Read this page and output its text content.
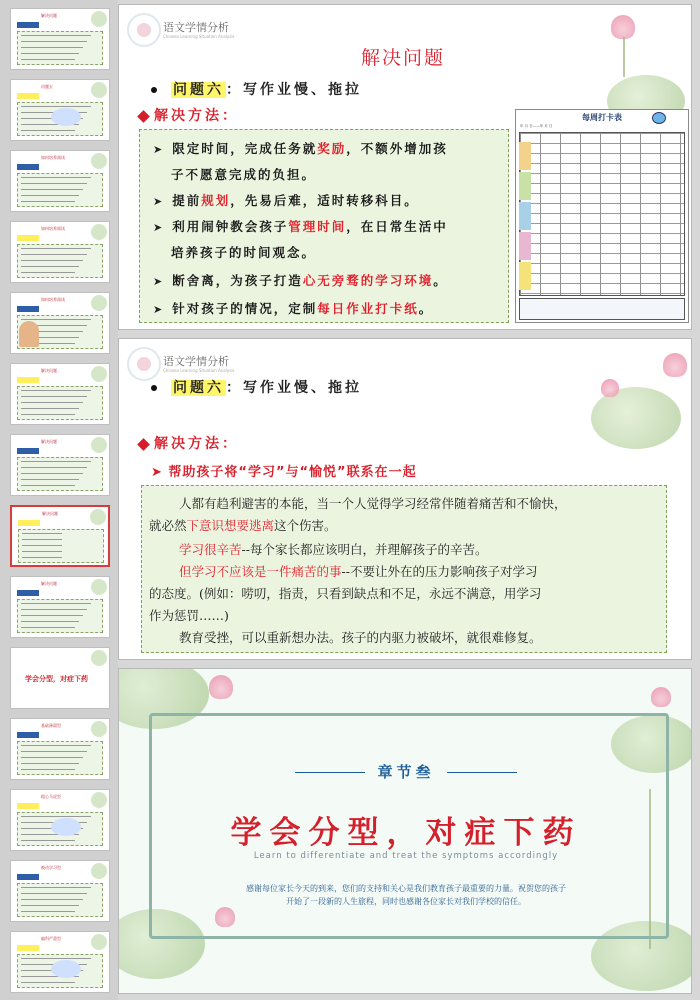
解决问题
问题五
如何培养阅读
如何培养阅读
如何培养阅读
解决问题
解决问题
解决问题
解决问题
学会分型，对症下药
基础薄弱型
粗心马虎型
被动学习型
偏科严重型
语文学情分析
Chinese Learning Situation Analysis
解决问题
问题六 ：写作业慢、拖拉
解决方法：	每周打卡表
年 月 日——年 月 日
➤ 限定时间，完成任务就奖励，不额外增加孩
子不愿意完成的负担。
➤ 提前规划，先易后难，适时转移科目。
➤ 利用闹钟教会孩子管理时间，在日常生活中
培养孩子的时间观念。
➤ 断舍离，为孩子打造心无旁骛的学习环境。
➤ 针对孩子的情况，定制每日作业打卡纸。
语文学情分析
Chinese Learning Situation Analysis
问题六 ：写作业慢、拖拉
解决方法：
➤ 帮助孩子将“学习”与“愉悦”联系在一起
人都有趋利避害的本能，当一个人觉得学习经常伴随着痛苦和不愉快，
就必然下意识想要逃离这个伤害。
学习很辛苦--每个家长都应该明白，并理解孩子的辛苦。
但学习不应该是一件痛苦的事--不要让外在的压力影响孩子对学习
的态度。(例如：唠叨，指责，只看到缺点和不足，永远不满意，用学习
作为惩罚……)
教育受挫，可以重新想办法。孩子的内驱力被破坏，就很难修复。
章节叁
学会分型，对症下药
Learn to differentiate and treat the symptoms accordingly
感谢每位家长今天的到来，您们的支持和关心是我们教育孩子最重要的力量。祝贺您的孩子
开始了一段新的人生旅程，同时也感谢各位家长对我们学校的信任。
